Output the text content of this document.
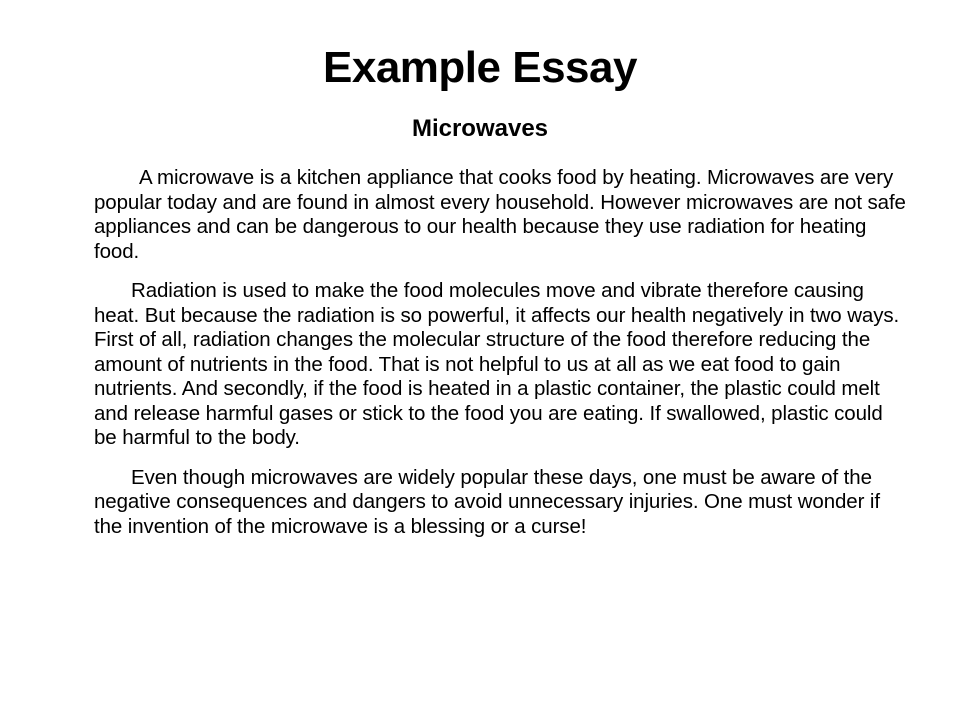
Example Essay
Microwaves

A microwave is a kitchen appliance that cooks food by heating. Microwaves are very popular today and are found in almost every household. However microwaves are not safe appliances and can be dangerous to our health because they use radiation for heating food.

Radiation is used to make the food molecules move and vibrate therefore causing heat. But because the radiation is so powerful, it affects our health negatively in two ways. First of all, radiation changes the molecular structure of the food therefore reducing the amount of nutrients in the food. That is not helpful to us at all as we eat food to gain nutrients. And secondly, if the food is heated in a plastic container, the plastic could melt and release harmful gases or stick to the food you are eating. If swallowed, plastic could be harmful to the body.

Even though microwaves are widely popular these days, one must be aware of the negative consequences and dangers to avoid unnecessary injuries. One must wonder if the invention of the microwave is a blessing or a curse!
